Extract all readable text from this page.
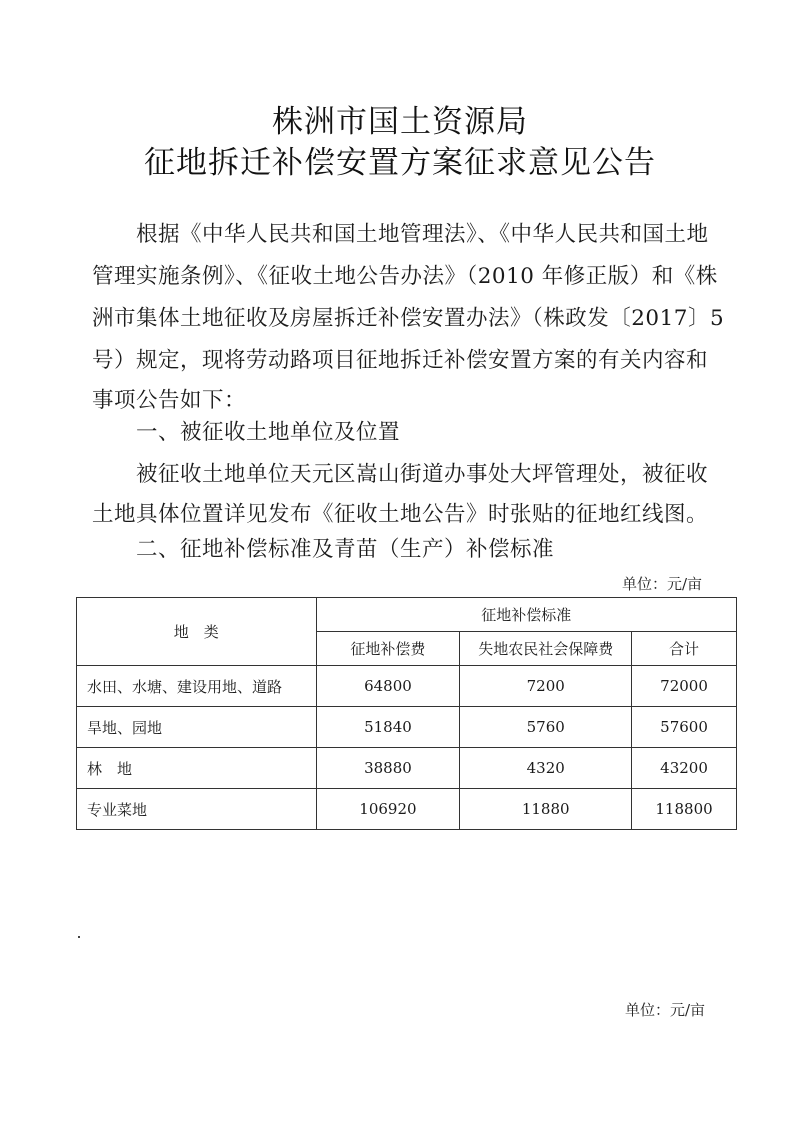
株洲市国土资源局
征地拆迁补偿安置方案征求意见公告
　　根据《中华人民共和国土地管理法》、《中华人民共和国土地
管理实施条例》、《征收土地公告办法》（2010 年修正版）和《株
洲市集体土地征收及房屋拆迁补偿安置办法》（株政发〔2017〕5
号）规定，现将劳动路项目征地拆迁补偿安置方案的有关内容和
事项公告如下：
　　一、被征收土地单位及位置
　　被征收土地单位天元区嵩山街道办事处大坪管理处，被征收
土地具体位置详见发布《征收土地公告》时张贴的征地红线图。
　　二、征地补偿标准及青苗（生产）补偿标准
单位：元/亩
地　类	征地补偿标准		
	征地补偿费	失地农民社会保障费	合计
水田、水塘、建设用地、道路	64800	7200	72000
旱地、园地	51840	5760	57600
林　地	38880	4320	43200
专业菜地	106920	11880	118800
单位：元/亩
